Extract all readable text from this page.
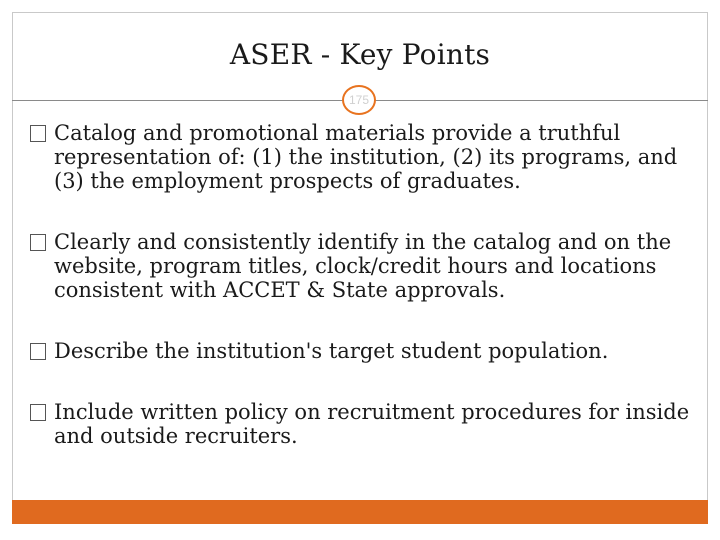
ASER - Key Points
175
Catalog and promotional materials provide a truthful representation of: (1) the institution, (2) its programs, and (3) the employment prospects of graduates.
Clearly and consistently identify in the catalog and on the website, program titles, clock/credit hours and locations consistent with ACCET & State approvals.
Describe the institution's target student population.
Include written policy on recruitment procedures for inside and outside recruiters.
